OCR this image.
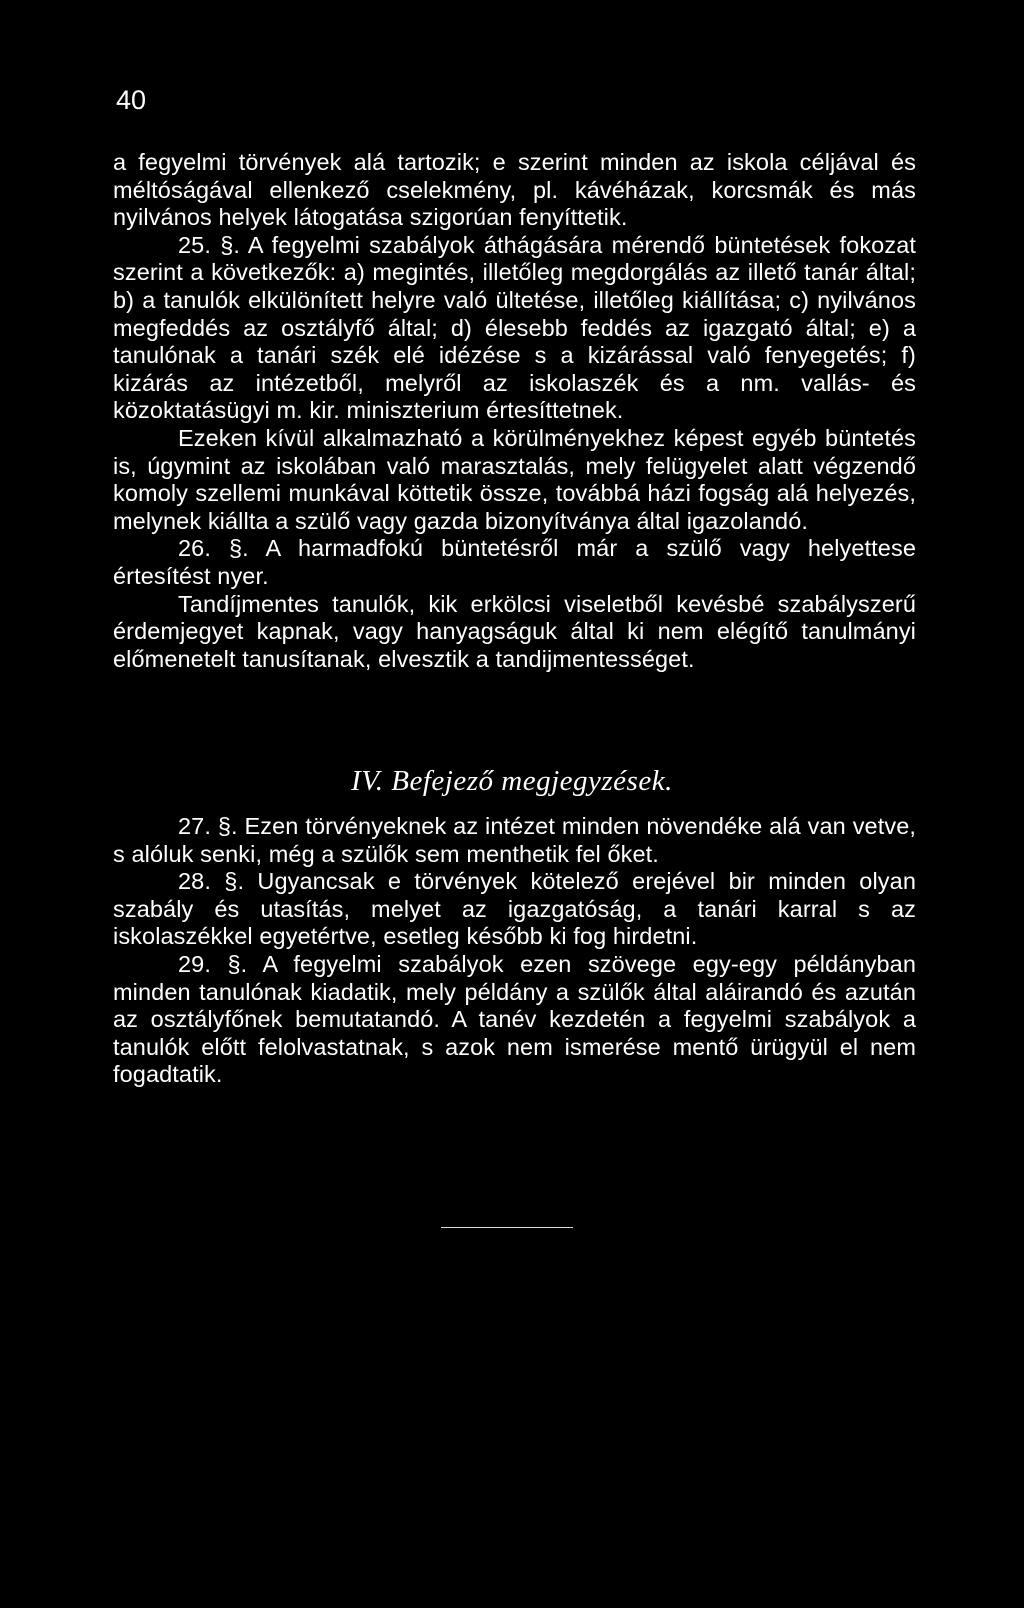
40

a fegyelmi törvények alá tartozik; e szerint minden az iskola céljával és méltóságával ellenkező cselekmény, pl. kávéházak, korcsmák és más nyilvános helyek látogatása szigorúan fenyíttetik.

25. §. A fegyelmi szabályok áthágására mérendő büntetések fokozat szerint a következők: a) megintés, illetőleg megdorgálás az illető tanár által; b) a tanulók elkülönített helyre való ültetése, illetőleg kiállítása; c) nyilvános megfeddés az osztályfő által; d) élesebb feddés az igazgató által; e) a tanulónak a tanári szék elé idézése s a kizárással való fenyegetés; f) kizárás az intézetből, melyről az iskolaszék és a nm. vallás- és közoktatásügyi m. kir. miniszterium értesíttetnek.

Ezeken kívül alkalmazható a körülményekhez képest egyéb büntetés is, úgymint az iskolában való marasztalás, mely felügyelet alatt végzendő komoly szellemi munkával köttetik össze, továbbá házi fogság alá helyezés, melynek kiállta a szülő vagy gazda bizonyítványa által igazolandó.

26. §. A harmadfokú büntetésről már a szülő vagy helyettese értesítést nyer.

Tandíjmentes tanulók, kik erkölcsi viseletből kevésbé szabályszerű érdemjegyet kapnak, vagy hanyagságuk által ki nem elégítő tanulmányi előmenetelt tanusítanak, elvesztik a tandijmentességet.

IV. Befejező megjegyzések.

27. §. Ezen törvényeknek az intézet minden növendéke alá van vetve, s alóluk senki, még a szülők sem menthetik fel őket.

28. §. Ugyancsak e törvények kötelező erejével bir minden olyan szabály és utasítás, melyet az igazgatóság, a tanári karral s az iskolaszékkel egyetértve, esetleg később ki fog hirdetni.

29. §. A fegyelmi szabályok ezen szövege egy-egy példányban minden tanulónak kiadatik, mely példány a szülők által aláirandó és azután az osztályfőnek bemutatandó. A tanév kezdetén a fegyelmi szabályok a tanulók előtt felolvastatnak, s azok nem ismerése mentő ürügyül el nem fogadtatik.
